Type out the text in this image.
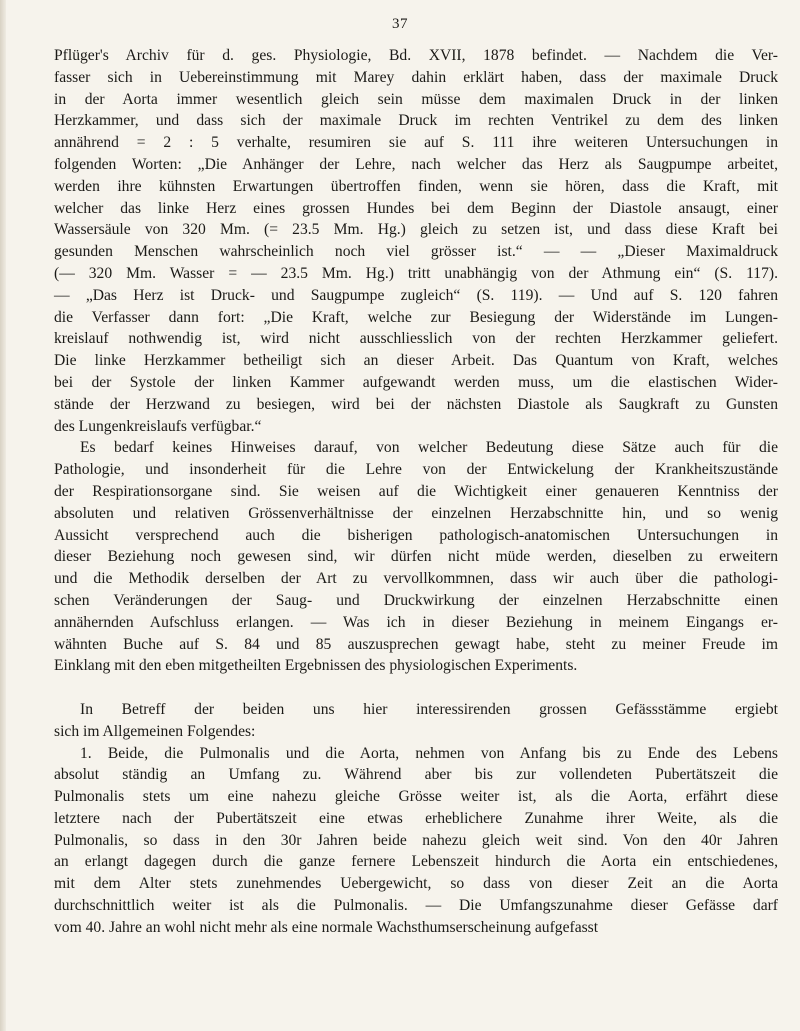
37
Pflüger's Archiv für d. ges. Physiologie, Bd. XVII, 1878 befindet. — Nachdem die Ver-
fasser sich in Uebereinstimmung mit Marey dahin erklärt haben, dass der maximale Druck
in der Aorta immer wesentlich gleich sein müsse dem maximalen Druck in der linken
Herzkammer, und dass sich der maximale Druck im rechten Ventrikel zu dem des linken
annährend = 2 : 5 verhalte, resumiren sie auf S. 111 ihre weiteren Untersuchungen in
folgenden Worten: „Die Anhänger der Lehre, nach welcher das Herz als Saugpumpe arbeitet,
werden ihre kühnsten Erwartungen übertroffen finden, wenn sie hören, dass die Kraft, mit
welcher das linke Herz eines grossen Hundes bei dem Beginn der Diastole ansaugt, einer
Wassersäule von 320 Mm. (= 23.5 Mm. Hg.) gleich zu setzen ist, und dass diese Kraft bei
gesunden Menschen wahrscheinlich noch viel grösser ist.“ — — „Dieser Maximaldruck
(— 320 Mm. Wasser = — 23.5 Mm. Hg.) tritt unabhängig von der Athmung ein“ (S. 117).
— „Das Herz ist Druck- und Saugpumpe zugleich“ (S. 119). — Und auf S. 120 fahren
die Verfasser dann fort: „Die Kraft, welche zur Besiegung der Widerstände im Lungen-
kreislauf nothwendig ist, wird nicht ausschliesslich von der rechten Herzkammer geliefert.
Die linke Herzkammer betheiligt sich an dieser Arbeit. Das Quantum von Kraft, welches
bei der Systole der linken Kammer aufgewandt werden muss, um die elastischen Wider-
stände der Herzwand zu besiegen, wird bei der nächsten Diastole als Saugkraft zu Gunsten
des Lungenkreislaufs verfügbar.“
Es bedarf keines Hinweises darauf, von welcher Bedeutung diese Sätze auch für die
Pathologie, und insonderheit für die Lehre von der Entwickelung der Krankheitszustände
der Respirationsorgane sind. Sie weisen auf die Wichtigkeit einer genaueren Kenntniss der
absoluten und relativen Grössenverhältnisse der einzelnen Herzabschnitte hin, und so wenig
Aussicht versprechend auch die bisherigen pathologisch-anatomischen Untersuchungen in
dieser Beziehung noch gewesen sind, wir dürfen nicht müde werden, dieselben zu erweitern
und die Methodik derselben der Art zu vervollkommnen, dass wir auch über die pathologi-
schen Veränderungen der Saug- und Druckwirkung der einzelnen Herzabschnitte einen
annähernden Aufschluss erlangen. — Was ich in dieser Beziehung in meinem Eingangs er-
wähnten Buche auf S. 84 und 85 auszusprechen gewagt habe, steht zu meiner Freude im
Einklang mit den eben mitgetheilten Ergebnissen des physiologischen Experiments.
In Betreff der beiden uns hier interessirenden grossen Gefässstämme ergiebt
sich im Allgemeinen Folgendes:
1. Beide, die Pulmonalis und die Aorta, nehmen von Anfang bis zu Ende des Lebens
absolut ständig an Umfang zu. Während aber bis zur vollendeten Pubertätszeit die
Pulmonalis stets um eine nahezu gleiche Grösse weiter ist, als die Aorta, erfährt diese
letztere nach der Pubertätszeit eine etwas erheblichere Zunahme ihrer Weite, als die
Pulmonalis, so dass in den 30r Jahren beide nahezu gleich weit sind. Von den 40r Jahren
an erlangt dagegen durch die ganze fernere Lebenszeit hindurch die Aorta ein entschiedenes,
mit dem Alter stets zunehmendes Uebergewicht, so dass von dieser Zeit an die Aorta
durchschnittlich weiter ist als die Pulmonalis. — Die Umfangszunahme dieser Gefässe darf
vom 40. Jahre an wohl nicht mehr als eine normale Wachsthumserscheinung aufgefasst
